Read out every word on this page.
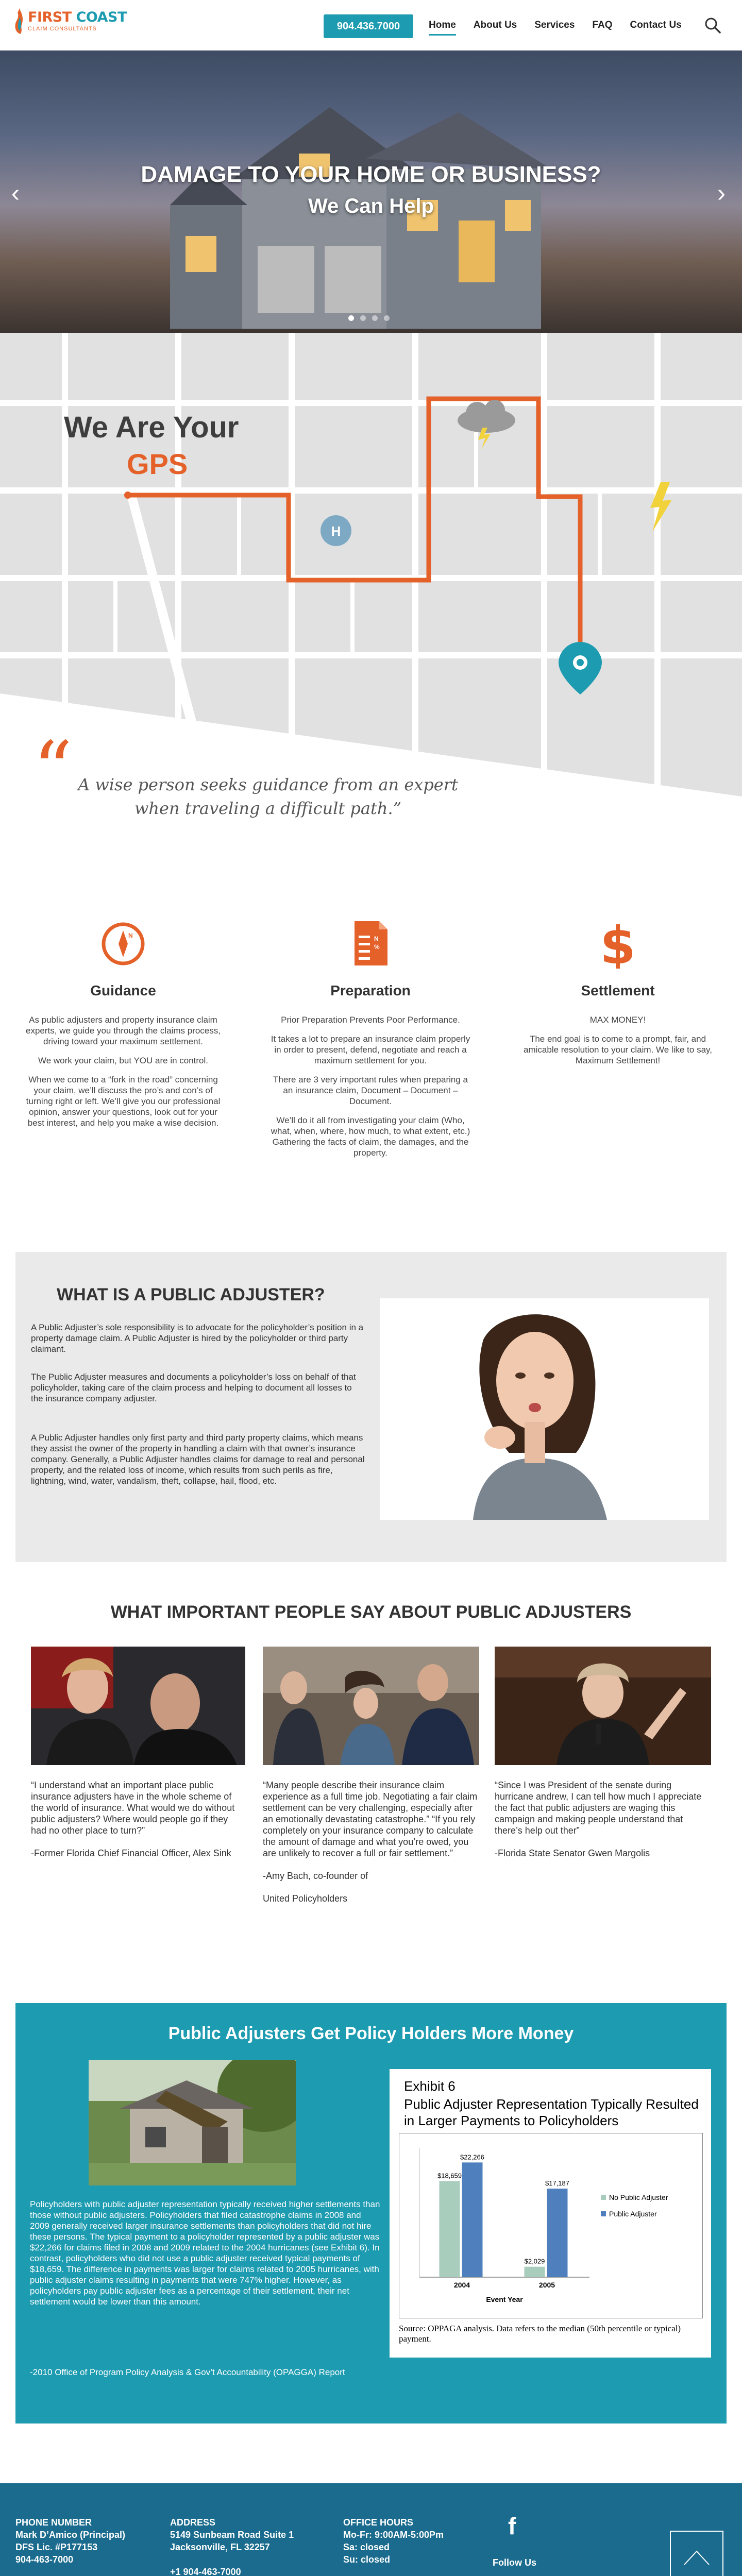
FIRST COAST
CLAIM CONSULTANTS	904.436.7000	Home About Us Services FAQ Contact Us
DAMAGE TO YOUR HOME OR BUSINESS?
We Can Help
‹	›
H
We Are Your
GPS
“ A wise person seeks guidance from an expert when traveling a difficult path.”
N
Guidance

As public adjusters and property insurance claim experts, we guide you through the claims process, driving toward your maximum settlement.

We work your claim, but YOU are in control.

When we come to a “fork in the road” concerning your claim, we’ll discuss the pro’s and con’s of turning right or left. We’ll give you our professional opinion, answer your questions, look out for your best interest, and help you make a wise decision.

N
%
Preparation

Prior Preparation Prevents Poor Performance.

It takes a lot to prepare an insurance claim properly in order to present, defend, negotiate and reach a maximum settlement for you.

There are 3 very important rules when preparing a an insurance claim, Document – Document – Document.

We’ll do it all from investigating your claim (Who, what, when, where, how much, to what extent, etc.) Gathering the facts of claim, the damages, and the property.

$
Settlement

MAX MONEY!

The end goal is to come to a prompt, fair, and amicable resolution to your claim. We like to say, Maximum Settlement!

WHAT IS A PUBLIC ADJUSTER?

A Public Adjuster’s sole responsibility is to advocate for the policyholder’s position in a property damage claim. A Public Adjuster is hired by the policyholder or third party claimant.

The Public Adjuster measures and documents a policyholder’s loss on behalf of that policyholder, taking care of the claim process and helping to document all losses to the insurance company adjuster.

A Public Adjuster handles only first party and third party property claims, which means they assist the owner of the property in handling a claim with that owner’s insurance company. Generally, a Public Adjuster handles claims for damage to real and personal property, and the related loss of income, which results from such perils as fire, lightning, wind, water, vandalism, theft, collapse, hail, flood, etc.

WHAT IMPORTANT PEOPLE SAY ABOUT PUBLIC ADJUSTERS

“I understand what an important place public insurance adjusters have in the whole scheme of the world of insurance. What would we do without public adjusters? Where would people go if they had no other place to turn?”

-Former Florida Chief Financial Officer, Alex Sink

“Many people describe their insurance claim experience as a full time job. Negotiating a fair claim settlement can be very challenging, especially after an emotionally devastating catastrophe.” “If you rely completely on your insurance company to calculate the amount of damage and what you’re owed, you are unlikely to recover a full or fair settlement.”

-Amy Bach, co-founder of

United Policyholders

“Since I was President of the senate during hurricane andrew, I can tell how much I appreciate the fact that public adjusters are waging this campaign and making people understand that there’s help out ther”

-Florida State Senator Gwen Margolis

Public Adjusters Get Policy Holders More Money

Policyholders with public adjuster representation typically received higher settlements than those without public adjusters. Policyholders that filed catastrophe claims in 2008 and 2009 generally received larger insurance settlements than policyholders that did not hire these persons. The typical payment to a policyholder represented by a public adjuster was $22,266 for claims filed in 2008 and 2009 related to the 2004 hurricanes (see Exhibit 6). In contrast, policyholders who did not use a public adjuster received typical payments of $18,659. The difference in payments was larger for claims related to 2005 hurricanes, with public adjuster claims resulting in payments that were 747% higher. However, as policyholders pay public adjuster fees as a percentage of their settlement, their net settlement would be lower than this amount.

-2010 Office of Program Policy Analysis & Gov’t Accountability (OPAGGA) Report

Exhibit 6
Public Adjuster Representation Typically Resulted in Larger Payments to Policyholders
$18,659
$22,266
2004
$2,029
$17,187
2005
Event Year
No Public Adjuster
Public Adjuster
Source: OPPAGA analysis. Data refers to the median (50th percentile or typical) payment.
PHONE NUMBER
Mark D’Amico (Principal)
DFS Lic. #P177153
904-463-7000
ADDRESS
5149 Sunbeam Road Suite 1
Jacksonville, FL 32257
+1 904-463-7000
OFFICE HOURS
Mo-Fr: 9:00AM-5:00Pm
Sa: closed
Su: closed
f
Follow Us
